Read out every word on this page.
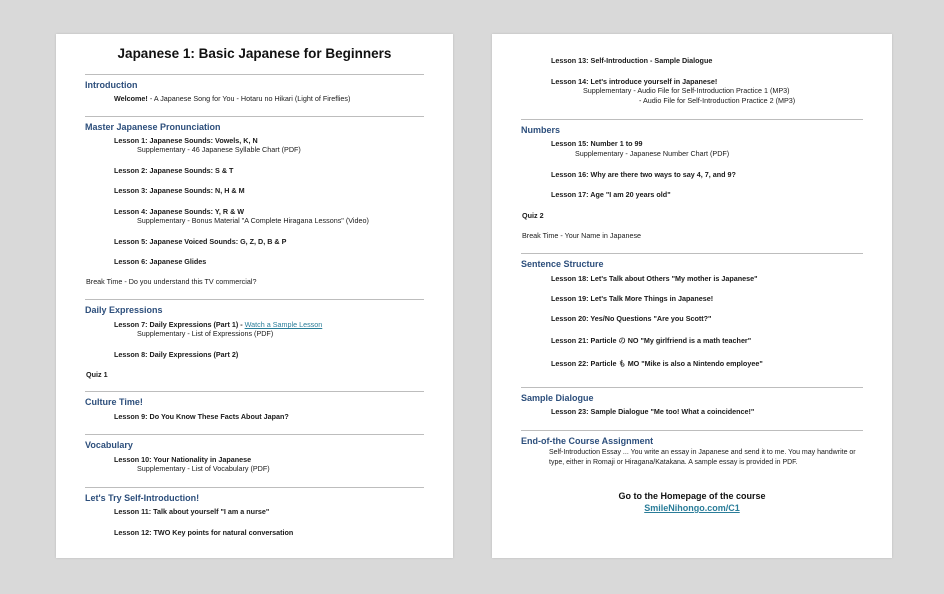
Japanese 1: Basic Japanese for Beginners
Introduction
Welcome! - A Japanese Song for You - Hotaru no Hikari (Light of Fireflies)
Master Japanese Pronunciation
Lesson 1: Japanese Sounds: Vowels, K, N
Supplementary - 46 Japanese Syllable Chart (PDF)
Lesson 2: Japanese Sounds: S & T
Lesson 3: Japanese Sounds: N, H & M
Lesson 4: Japanese Sounds: Y, R & W
Supplementary - Bonus Material "A Complete Hiragana Lessons" (Video)
Lesson 5: Japanese Voiced Sounds: G, Z, D, B & P
Lesson 6: Japanese Glides
Break Time - Do you understand this TV commercial?
Daily Expressions
Lesson 7: Daily Expressions (Part 1) - Watch a Sample Lesson
Supplementary - List of Expressions (PDF)
Lesson 8: Daily Expressions (Part 2)
Quiz 1
Culture Time!
Lesson 9: Do You Know These Facts About Japan?
Vocabulary
Lesson 10: Your Nationality in Japanese
Supplementary - List of Vocabulary (PDF)
Let's Try Self-Introduction!
Lesson 11: Talk about yourself "I am a nurse"
Lesson 12: TWO Key points for natural conversation
Lesson 13: Self-Introduction - Sample Dialogue
Lesson 14: Let's introduce yourself in Japanese!
Supplementary - Audio File for Self-Introduction Practice 1 (MP3)
- Audio File for Self-Introduction Practice 2 (MP3)
Numbers
Lesson 15: Number 1 to 99
Supplementary - Japanese Number Chart (PDF)
Lesson 16: Why are there two ways to say 4, 7, and 9?
Lesson 17: Age "I am 20 years old"
Quiz 2
Break Time - Your Name in Japanese
Sentence Structure
Lesson 18: Let's Talk about Others "My mother is Japanese"
Lesson 19: Let's Talk More Things in Japanese!
Lesson 20: Yes/No Questions "Are you Scott?"
Lesson 21: Particle の NO "My girlfriend is a math teacher"
Lesson 22: Particle も MO "Mike is also a Nintendo employee"
Sample Dialogue
Lesson 23: Sample Dialogue "Me too! What a coincidence!"
End-of-the Course Assignment
Self-Introduction Essay ... You write an essay in Japanese and send it to me. You may handwrite or type, either in Romaji or Hiragana/Katakana. A sample essay is provided in PDF.
Go to the Homepage of the course
SmileNihongo.com/C1
